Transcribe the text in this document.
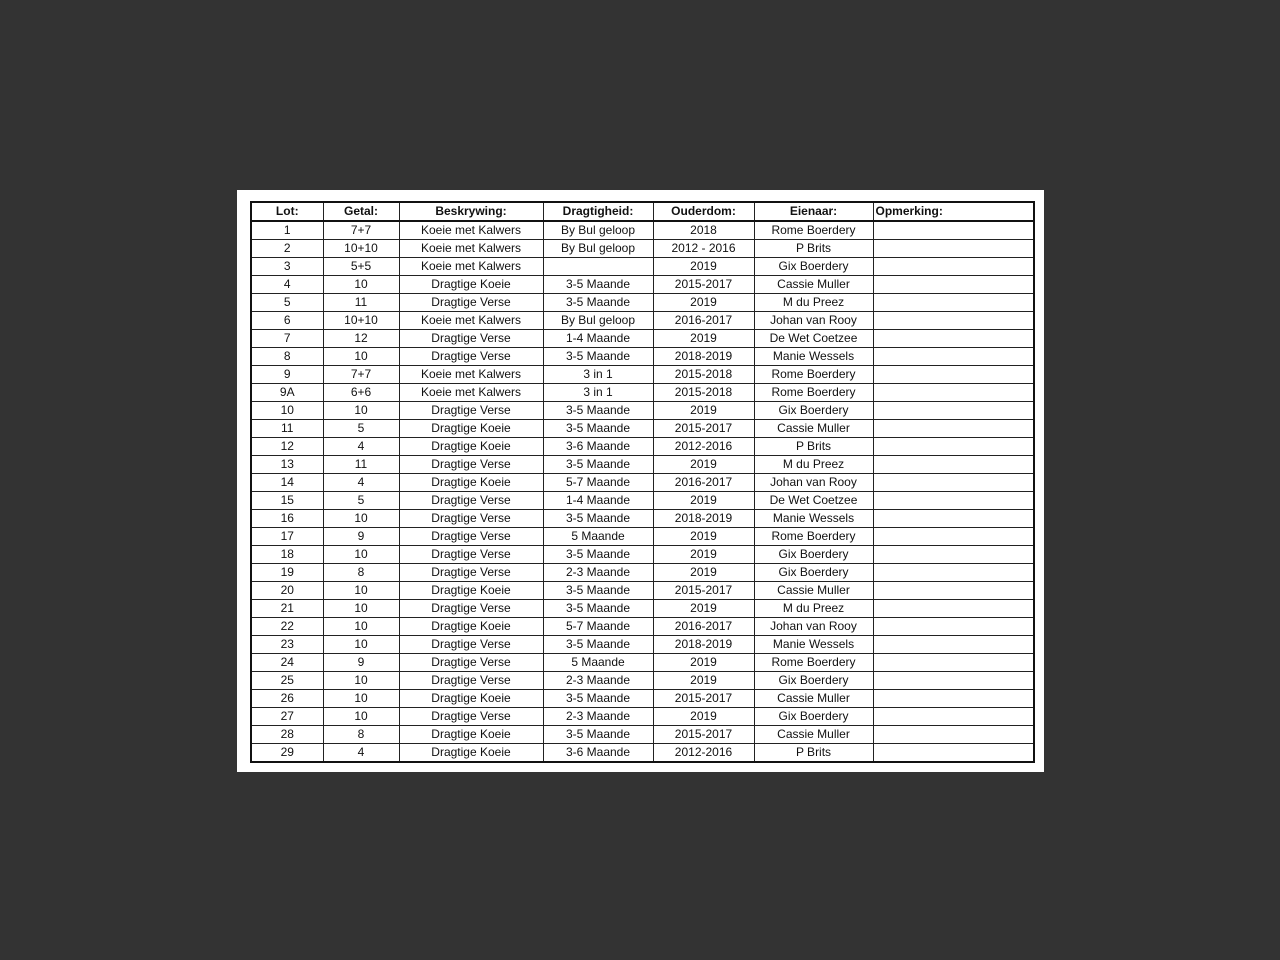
Lot:	Getal:	Beskrywing:	Dragtigheid:	Ouderdom:	Eienaar:	Opmerking:
1	7+7	Koeie met Kalwers	By Bul geloop	2018	Rome Boerdery	
2	10+10	Koeie met Kalwers	By Bul geloop	2012 - 2016	P Brits	
3	5+5	Koeie met Kalwers		2019	Gix Boerdery	
4	10	Dragtige Koeie	3-5 Maande	2015-2017	Cassie Muller	
5	11	Dragtige Verse	3-5 Maande	2019	M du Preez	
6	10+10	Koeie met Kalwers	By Bul geloop	2016-2017	Johan van Rooy	
7	12	Dragtige Verse	1-4 Maande	2019	De Wet Coetzee	
8	10	Dragtige Verse	3-5 Maande	2018-2019	Manie Wessels	
9	7+7	Koeie met Kalwers	3 in 1	2015-2018	Rome Boerdery	
9A	6+6	Koeie met Kalwers	3 in 1	2015-2018	Rome Boerdery	
10	10	Dragtige Verse	3-5 Maande	2019	Gix Boerdery	
11	5	Dragtige Koeie	3-5 Maande	2015-2017	Cassie Muller	
12	4	Dragtige Koeie	3-6 Maande	2012-2016	P Brits	
13	11	Dragtige Verse	3-5 Maande	2019	M du Preez	
14	4	Dragtige Koeie	5-7 Maande	2016-2017	Johan van Rooy	
15	5	Dragtige Verse	1-4 Maande	2019	De Wet Coetzee	
16	10	Dragtige Verse	3-5 Maande	2018-2019	Manie Wessels	
17	9	Dragtige Verse	5 Maande	2019	Rome Boerdery	
18	10	Dragtige Verse	3-5 Maande	2019	Gix Boerdery	
19	8	Dragtige Verse	2-3 Maande	2019	Gix Boerdery	
20	10	Dragtige Koeie	3-5 Maande	2015-2017	Cassie Muller	
21	10	Dragtige Verse	3-5 Maande	2019	M du Preez	
22	10	Dragtige Koeie	5-7 Maande	2016-2017	Johan van Rooy	
23	10	Dragtige Verse	3-5 Maande	2018-2019	Manie Wessels	
24	9	Dragtige Verse	5 Maande	2019	Rome Boerdery	
25	10	Dragtige Verse	2-3 Maande	2019	Gix Boerdery	
26	10	Dragtige Koeie	3-5 Maande	2015-2017	Cassie Muller	
27	10	Dragtige Verse	2-3 Maande	2019	Gix Boerdery	
28	8	Dragtige Koeie	3-5 Maande	2015-2017	Cassie Muller	
29	4	Dragtige Koeie	3-6 Maande	2012-2016	P Brits	
